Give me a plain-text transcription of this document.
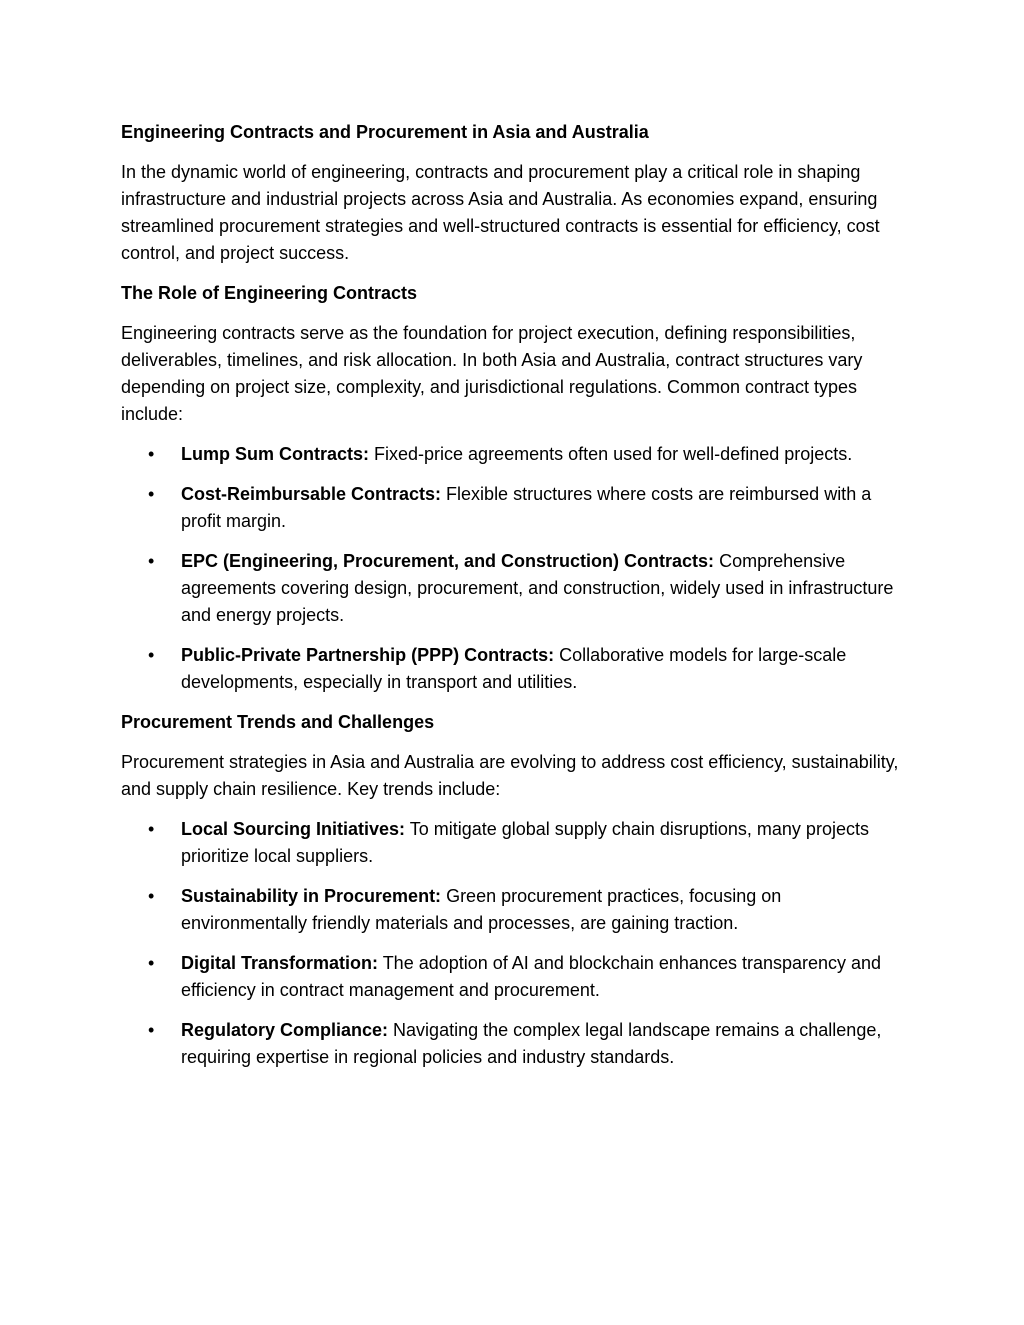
Engineering Contracts and Procurement in Asia and Australia
In the dynamic world of engineering, contracts and procurement play a critical role in shaping infrastructure and industrial projects across Asia and Australia. As economies expand, ensuring streamlined procurement strategies and well-structured contracts is essential for efficiency, cost control, and project success.
The Role of Engineering Contracts
Engineering contracts serve as the foundation for project execution, defining responsibilities, deliverables, timelines, and risk allocation. In both Asia and Australia, contract structures vary depending on project size, complexity, and jurisdictional regulations. Common contract types include:
• Lump Sum Contracts: Fixed-price agreements often used for well-defined projects.
• Cost-Reimbursable Contracts: Flexible structures where costs are reimbursed with a profit margin.
• EPC (Engineering, Procurement, and Construction) Contracts: Comprehensive agreements covering design, procurement, and construction, widely used in infrastructure and energy projects.
• Public-Private Partnership (PPP) Contracts: Collaborative models for large-scale developments, especially in transport and utilities.
Procurement Trends and Challenges
Procurement strategies in Asia and Australia are evolving to address cost efficiency, sustainability, and supply chain resilience. Key trends include:
• Local Sourcing Initiatives: To mitigate global supply chain disruptions, many projects prioritize local suppliers.
• Sustainability in Procurement: Green procurement practices, focusing on environmentally friendly materials and processes, are gaining traction.
• Digital Transformation: The adoption of AI and blockchain enhances transparency and efficiency in contract management and procurement.
• Regulatory Compliance: Navigating the complex legal landscape remains a challenge, requiring expertise in regional policies and industry standards.
